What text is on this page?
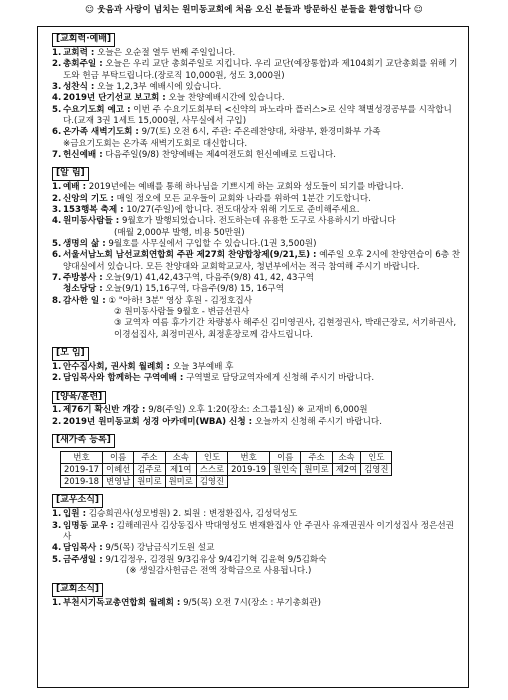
☺ 웃음과 사랑이 넘치는 원미동교회에 처음 오신 분들과 방문하신 분들을 환영합니다 ☺
[교회력·예배]
1. 교회력 : 오늘은 오순절 열두 번째 주일입니다.
2. 총회주일 : 오늘은 우리 교단 총회주일로 지킵니다. 우리 교단(예장통합)과 제104회기 교단총회를 위해 기도와 헌금 부탁드립니다.(장로직 10,000원, 성도 3,000원)
3. 성찬식 : 오늘 1,2,3부 예배시에 있습니다.
4. 2019년 단기선교 보고회 : 오늘 찬양예배시간에 있습니다.
5. 수요기도회 예고 : 이번 주 수요기도회부터 <신약의 파노라마 플러스>로 신약 책별성경공부를 시작합니다.(교재 3권 1세트 15,000원, 사무실에서 구입)
6. 온가족 새벽기도회 : 9/7(토) 오전 6시, 주관: 주온레찬양대, 차량부, 환경미화부 가족
※금요기도회는 온가족 새벽기도회로 대신합니다.
7. 헌신예배 : 다음주일(9/8) 찬양예배는 제4여전도회 헌신예배로 드립니다.
[알 림]
1. 예배 : 2019년에는 예배를 통해 하나님을 기쁘시게 하는 교회와 성도들이 되기를 바랍니다.
2. 신앙의 기도 : 매일 정오에 모든 교우들이 교회와 나라를 위하여 1분간 기도합니다.
3. 153행복 축제 : 10/27(주일)에 합니다. 전도대상자 위해 기도로 준비해주세요.
4. 원미동사람들 : 9월호가 발행되었습니다. 전도하는데 유용한 도구로 사용하시기 바랍니다
(매월 2,000부 발행, 비용 50만원)
5. 생명의 삶 : 9월호를 사무실에서 구입할 수 있습니다.(1권 3,500원)
6. 서울서남노회 남선교회연합회 주관 제27회 찬양합창제(9/21,토) : 예주일 오후 2시에 찬양연습이 6층 찬양대실에서 있습니다. 모든 찬양대와 교회학교교사, 청년부에서는 적극 참여해 주시기 바랍니다.
7. 주방봉사 : 오늘(9/1) 41,42,43구역, 다음주(9/8) 41, 42, 43구역
청소당당 : 오늘(9/1) 15,16구역, 다음주(9/8) 15, 16구역
8. 감사한 일 : ① "아하! 3분" 영상 후원 - 김정호집사
② 원미동사람들 9월호 - 변금선권사
③ 교역자 여름 휴가기간 차량봉사 해주신 김미영권사, 김현정권사, 박래근장로, 서기하권사, 이경섭집사, 최정미권사, 최정훈장로께 감사드립니다.
[모 임]
1. 안수집사회, 권사회 월례회 : 오늘 3부예배 후
2. 담임목사와 함께하는 구역예배 : 구역별로 담당교역자에게 신청해 주시기 바랍니다.
[양육/훈련]
1. 제76기 확신반 개강 : 9/8(주일) 오후 1:20(장소: 소그룹1실) ※ 교재비 6,000원
2. 2019년 원미동교회 성경 아카데미(WBA) 신청 : 오늘까지 신청해 주시기 바랍니다.
[새가족 등록]
번호	이름	주소	소속	인도	번호	이름	주소	소속	인도
2019-17	이혜선	김주로	제1여	스스로	2019-19	원인숙	원미로	제2여	김영진
2019-18	변영남	원미로	원미로	김영진					
[교우소식]
1. 입원 : 김승희권사(성모병원) 2. 퇴원 : 변정환집사, 김성덕성도
3. 임명동 교우 : 김해레권사 김상동집사 박대영성도 변재환집사 안 주권사 유재권권사 이기성집사 정은선권사
4. 담임목사 : 9/5(목) 강남금식기도원 설교
5. 금주생일 : 9/1김정우, 김경원 9/3김유상 9/4김기혁 김윤혁 9/5김화숙
(※ 생일감사헌금은 전액 장학금으로 사용됩니다.)
[교회소식]
1. 부천시기독교총연합회 월례회 : 9/5(목) 오전 7시(장소 : 부기총회관)
